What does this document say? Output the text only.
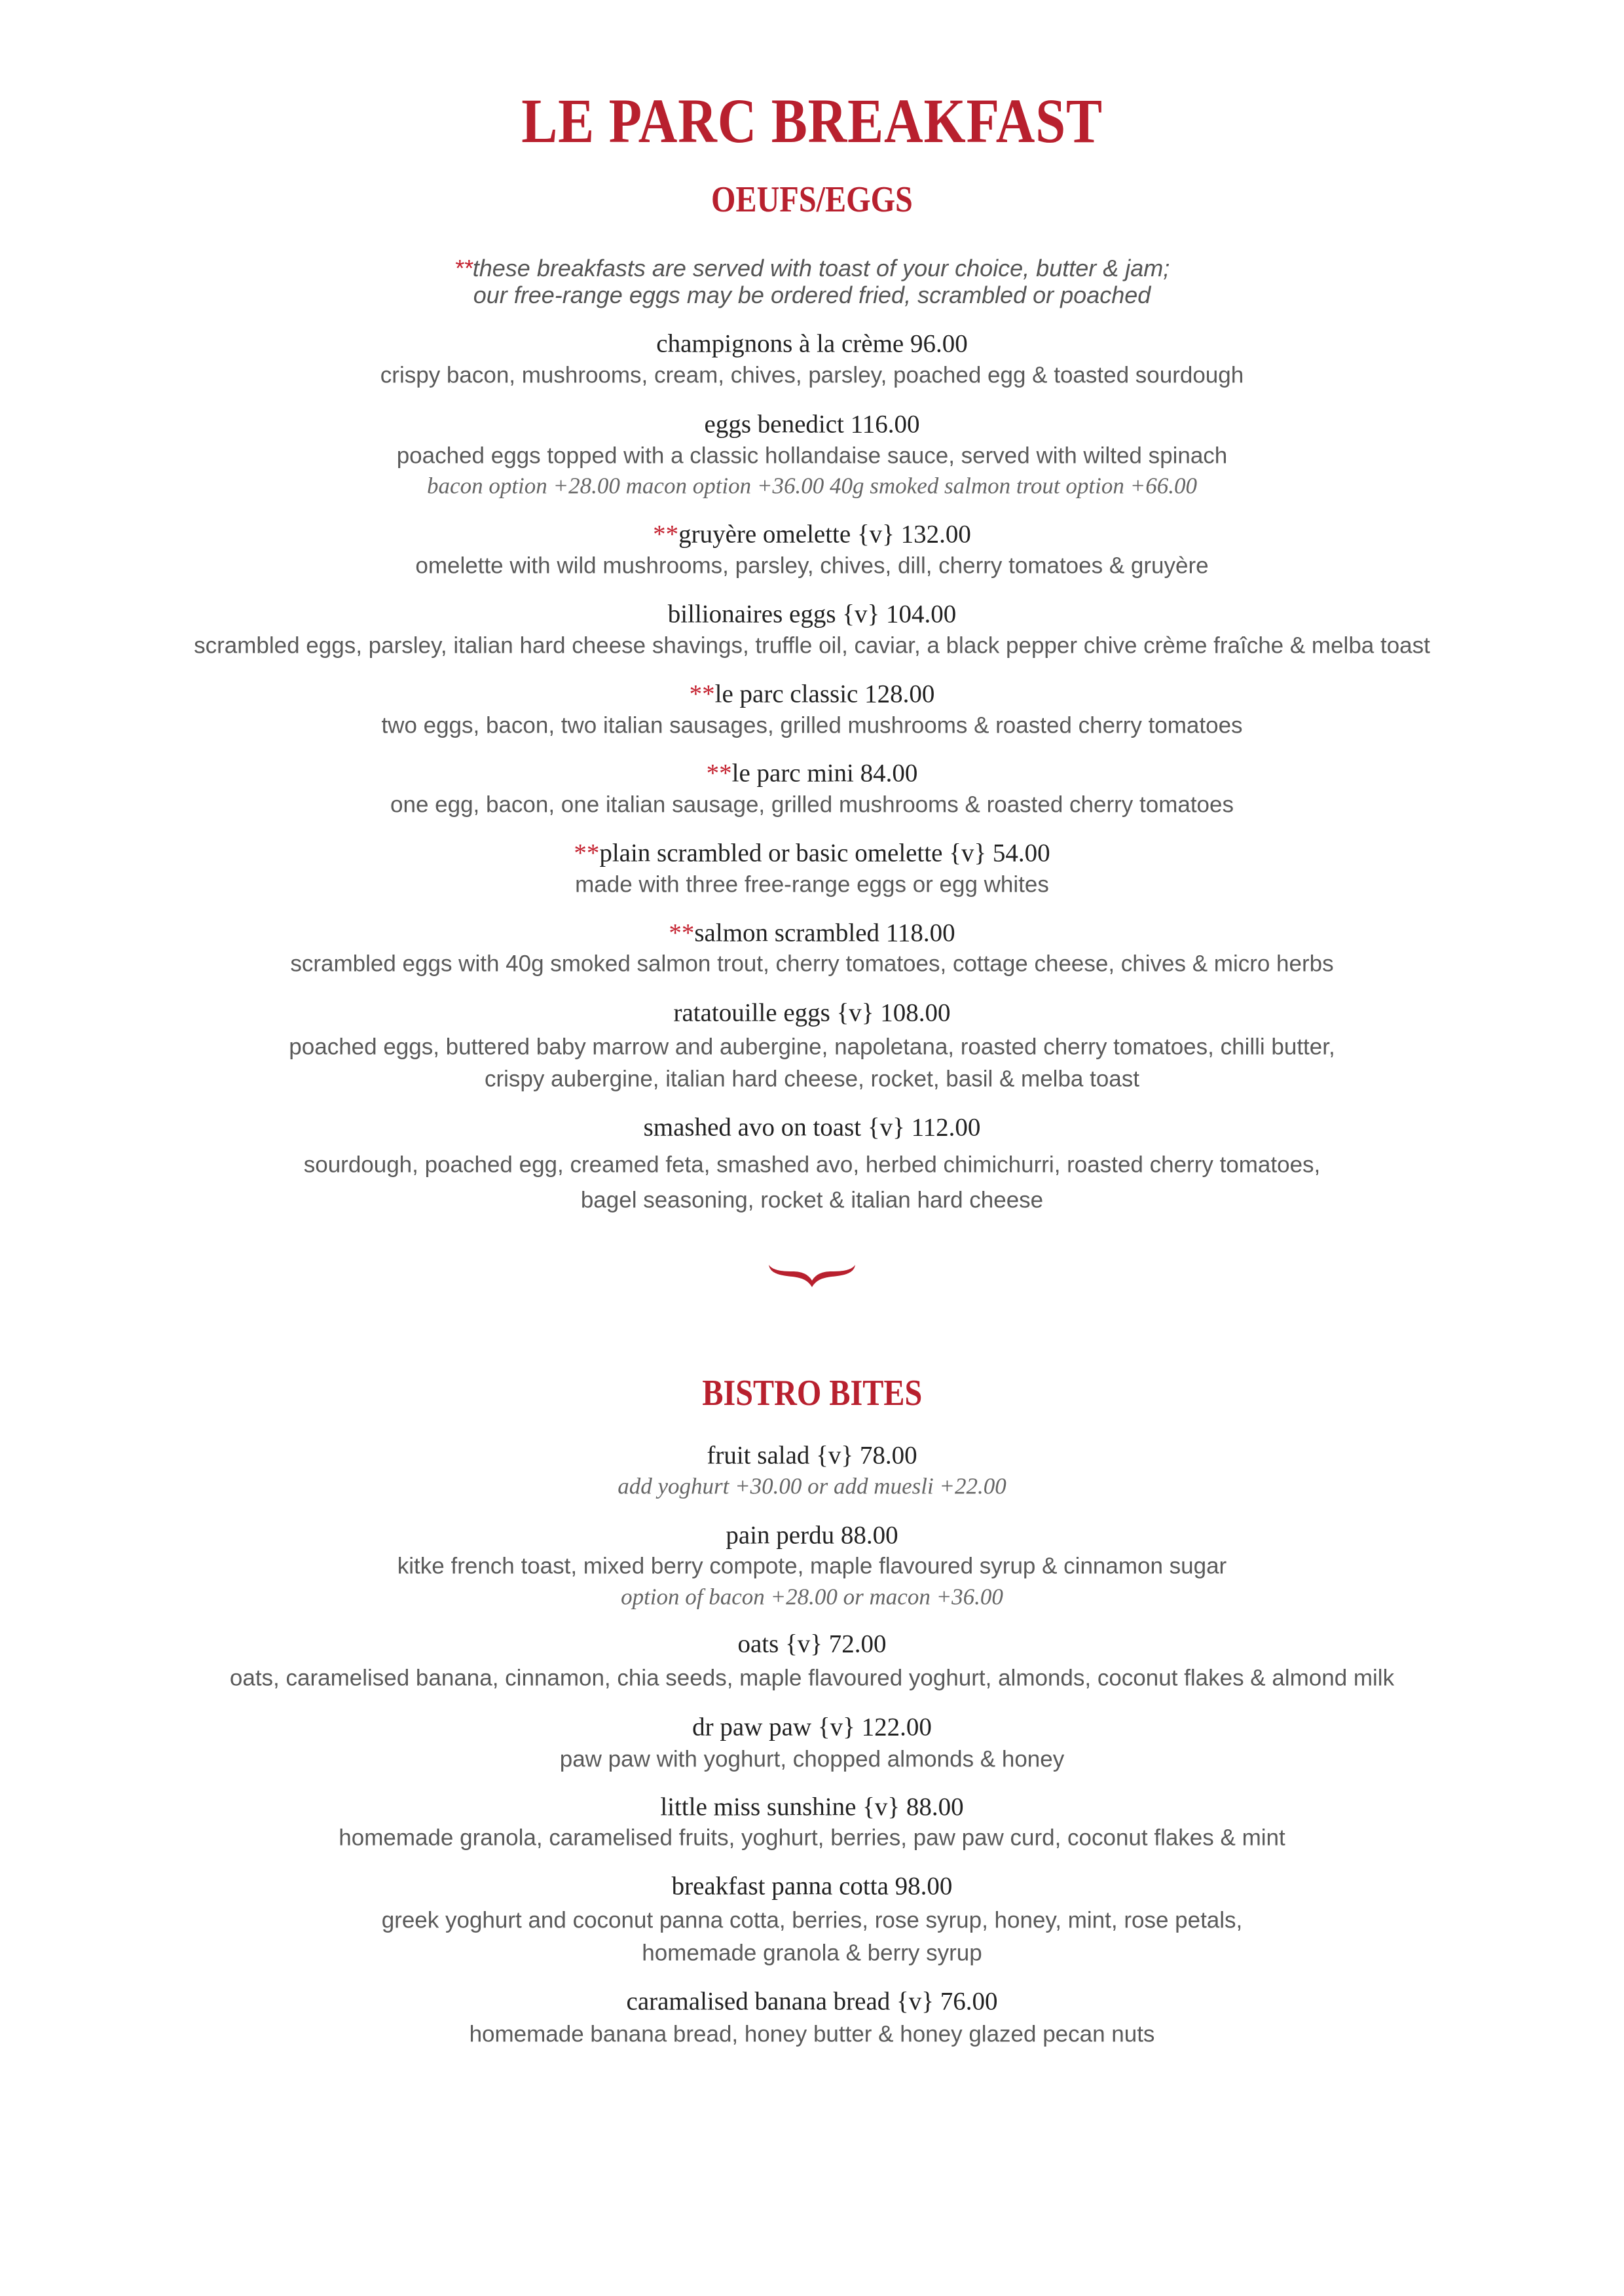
LE PARC BREAKFAST
OEUFS/EGGS
**these breakfasts are served with toast of your choice, butter & jam;
our free-range eggs may be ordered fried, scrambled or poached
BISTRO BITES
champignons à la crème 96.00
crispy bacon, mushrooms, cream, chives, parsley, poached egg & toasted sourdough
eggs benedict 116.00
poached eggs topped with a classic hollandaise sauce, served with wilted spinach
bacon option +28.00 macon option +36.00 40g smoked salmon trout option +66.00
**gruyère omelette {v} 132.00
omelette with wild mushrooms, parsley, chives, dill, cherry tomatoes & gruyère
billionaires eggs {v} 104.00
scrambled eggs, parsley, italian hard cheese shavings, truffle oil, caviar, a black pepper chive crème fraîche & melba toast
**le parc classic 128.00
two eggs, bacon, two italian sausages, grilled mushrooms & roasted cherry tomatoes
**le parc mini 84.00
one egg, bacon, one italian sausage, grilled mushrooms & roasted cherry tomatoes
**plain scrambled or basic omelette {v} 54.00
made with three free-range eggs or egg whites
**salmon scrambled 118.00
scrambled eggs with 40g smoked salmon trout, cherry tomatoes, cottage cheese, chives & micro herbs
ratatouille eggs {v} 108.00
poached eggs, buttered baby marrow and aubergine, napoletana, roasted cherry tomatoes, chilli butter,
crispy aubergine, italian hard cheese, rocket, basil & melba toast
smashed avo on toast {v} 112.00
sourdough, poached egg, creamed feta, smashed avo, herbed chimichurri, roasted cherry tomatoes,
bagel seasoning, rocket & italian hard cheese
fruit salad {v} 78.00
add yoghurt +30.00 or add muesli +22.00
pain perdu 88.00
kitke french toast, mixed berry compote, maple flavoured syrup & cinnamon sugar
option of bacon +28.00 or macon +36.00
oats {v} 72.00
oats, caramelised banana, cinnamon, chia seeds, maple flavoured yoghurt, almonds, coconut flakes & almond milk
dr paw paw {v} 122.00
paw paw with yoghurt, chopped almonds & honey
little miss sunshine {v} 88.00
homemade granola, caramelised fruits, yoghurt, berries, paw paw curd, coconut flakes & mint
breakfast panna cotta 98.00
greek yoghurt and coconut panna cotta, berries, rose syrup, honey, mint, rose petals,
homemade granola & berry syrup
caramalised banana bread {v} 76.00
homemade banana bread, honey butter & honey glazed pecan nuts
